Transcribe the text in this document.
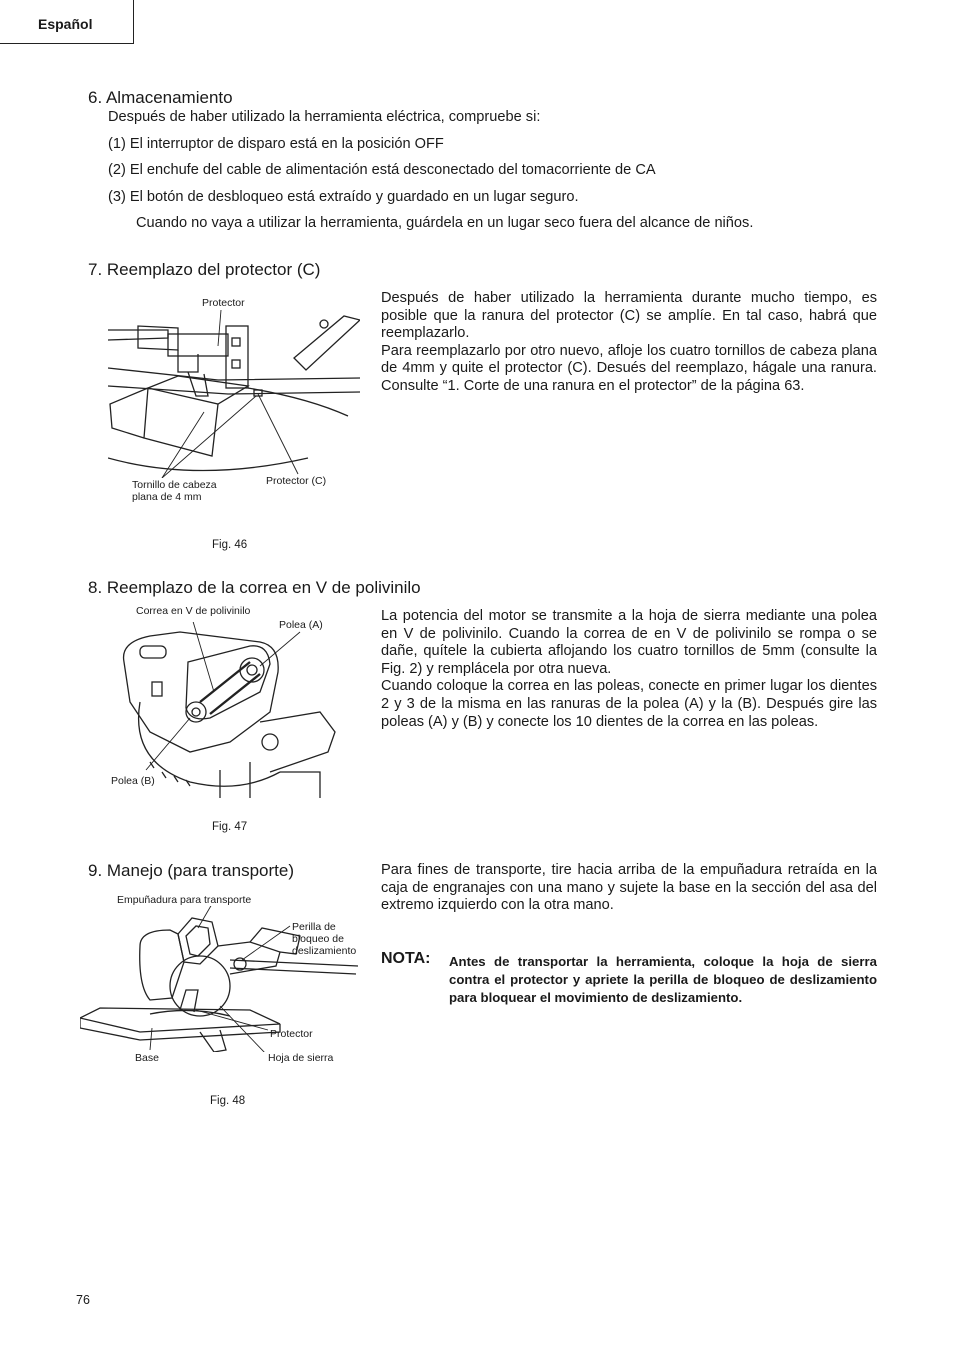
Español
6. Almacenamiento
Después de haber utilizado la herramienta eléctrica, compruebe si:
(1) El interruptor de disparo está en la posición OFF
(2) El enchufe del cable de alimentación está desconectado del tomacorriente de CA
(3) El botón de desbloqueo está extraído y guardado en un lugar seguro.
Cuando no vaya a utilizar la herramienta, guárdela en un lugar seco fuera del alcance de niños.
7. Reemplazo del protector (C)
Protector
Tornillo de cabeza
plana de 4 mm
Protector (C)
Fig. 46

Después de haber utilizado la herramienta durante mucho tiempo, es posible que la ranura del protector (C) se amplíe. En tal caso, habrá que reemplazarlo.

Para reemplazarlo por otro nuevo, afloje los cuatro tornillos de cabeza plana de 4mm y quite el protector (C). Desués del reemplazo, hágale una ranura. Consulte “1. Corte de una ranura en el protector” de la página 63.

8. Reemplazo de la correa en V de polivinilo
Correa en V de polivinilo
Polea (A)
Polea (B)
Fig. 47

La potencia del motor se transmite a la hoja de sierra mediante una polea en V de polivinilo. Cuando la correa de en V de polivinilo se rompa o se dañe, quítele la cubierta aflojando los cuatro tornillos de 5mm (consulte la Fig. 2) y remplácela por otra nueva.

Cuando coloque la correa en las poleas, conecte en primer lugar los dientes 2 y 3 de la misma en las ranuras de la polea (A) y la (B). Después gire las poleas (A) y (B) y conecte los 10 dientes de la correa en las poleas.

9. Manejo (para transporte)
Empuñadura para transporte
Perilla de
bloqueo de
deslizamiento
Protector
Base	Hoja de sierra
Fig. 48

Para fines de transporte, tire hacia arriba de la empuñadura retraída en la caja de engranajes con una mano y sujete la base en la sección del asa del extremo izquierdo con la otra mano.

NOTA: Antes de transportar la herramienta, coloque la hoja de sierra contra el protector y apriete la perilla de bloqueo de deslizamiento para bloquear el movimiento de deslizamiento.
76
